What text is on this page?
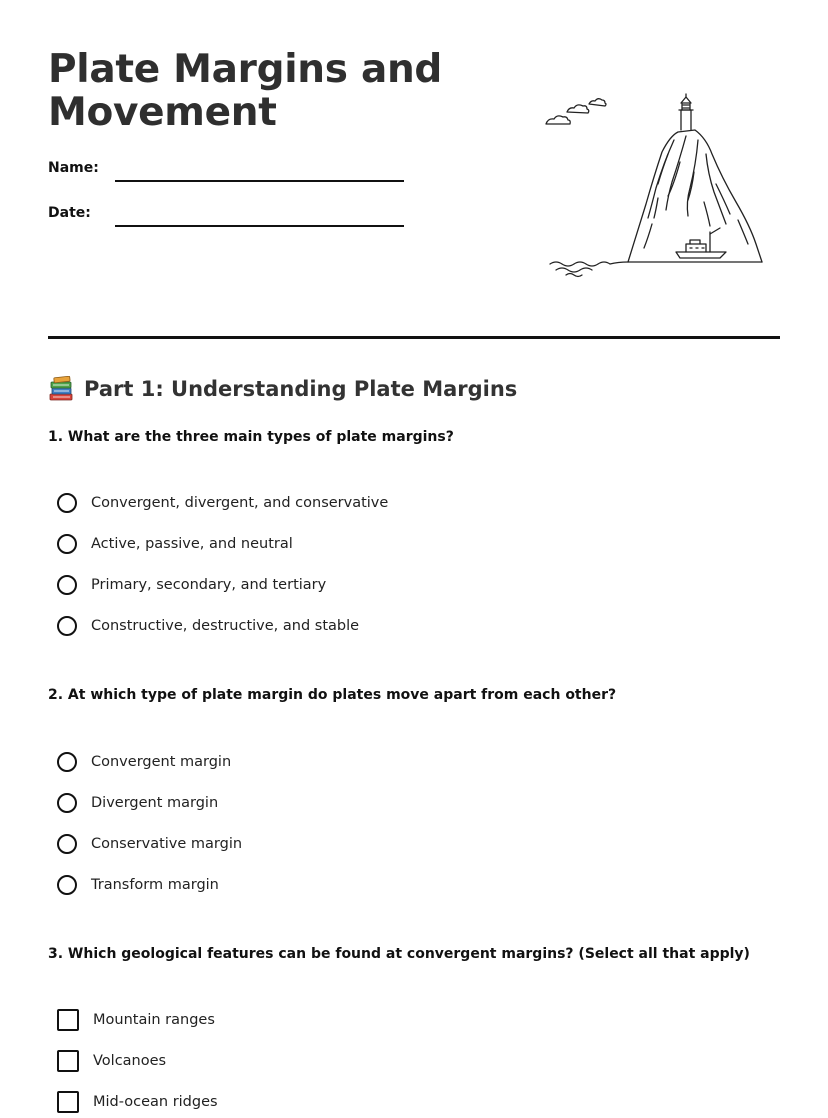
Plate Margins and Movement
Name:
Date:
Part 1: Understanding Plate Margins
1. What are the three main types of plate margins?
Convergent, divergent, and conservative
Active, passive, and neutral
Primary, secondary, and tertiary
Constructive, destructive, and stable
2. At which type of plate margin do plates move apart from each other?
Convergent margin
Divergent margin
Conservative margin
Transform margin
3. Which geological features can be found at convergent margins? (Select all that apply)
Mountain ranges
Volcanoes
Mid-ocean ridges
